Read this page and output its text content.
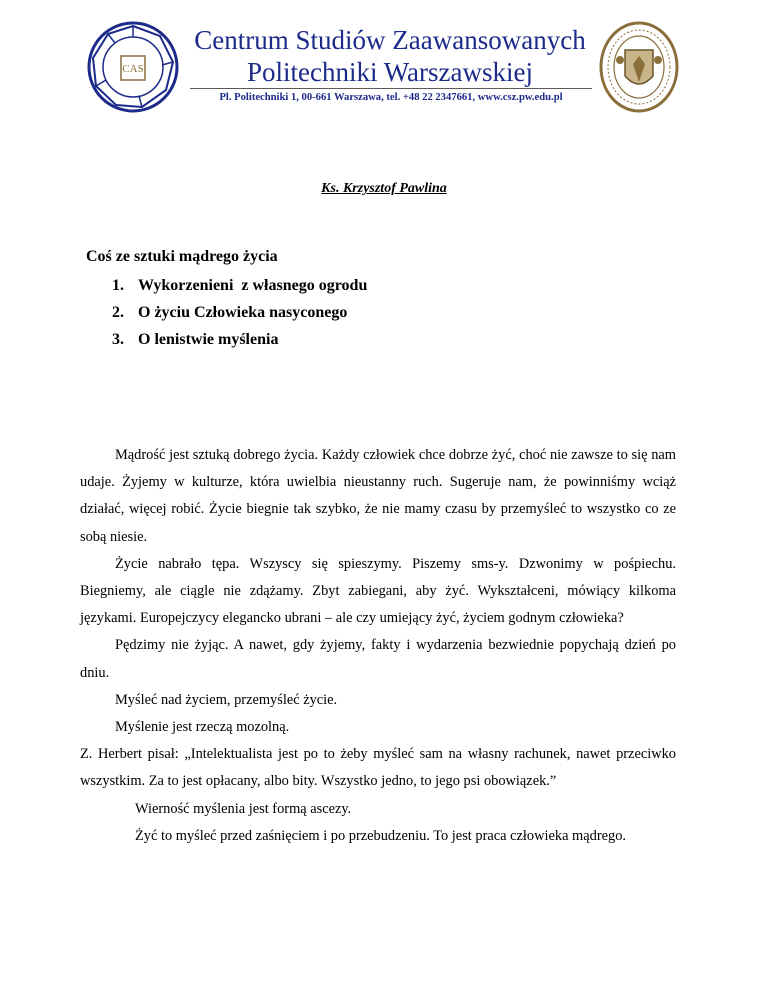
CAS
Centrum Studiów Zaawansowanych
Politechniki Warszawskiej
Pl. Politechniki 1, 00-661 Warszawa, tel. +48 22 2347661, www.csz.pw.edu.pl
Ks. Krzysztof Pawlina
Coś ze sztuki mądrego życia
1. Wykorzenieni  z własnego ogrodu
2. O życiu Człowieka nasyconego
3. O lenistwie myślenia

Mądrość jest sztuką dobrego życia. Każdy człowiek chce dobrze żyć, choć nie zawsze to się nam udaje. Żyjemy w kulturze, która uwielbia nieustanny ruch. Sugeruje nam, że powinniśmy wciąż działać, więcej robić. Życie biegnie tak szybko, że nie mamy czasu by przemyśleć to wszystko co ze sobą niesie.

Życie nabrało tępa. Wszyscy się spieszymy. Piszemy sms-y. Dzwonimy w pośpiechu. Biegniemy, ale ciągle nie zdążamy. Zbyt zabiegani, aby żyć. Wykształceni, mówiący kilkoma językami. Europejczycy elegancko ubrani – ale czy umiejący żyć, życiem godnym człowieka?

Pędzimy nie żyjąc. A nawet, gdy żyjemy, fakty i wydarzenia bezwiednie popychają dzień po dniu.

Myśleć nad życiem, przemyśleć życie.

Myślenie jest rzeczą mozolną.

Z. Herbert pisał: „Intelektualista jest po to żeby myśleć sam na własny rachunek, nawet przeciwko wszystkim. Za to jest opłacany, albo bity. Wszystko jedno, to jego psi obowiązek.”

Wierność myślenia jest formą ascezy.

Żyć to myśleć przed zaśnięciem i po przebudzeniu. To jest praca człowieka mądrego.
